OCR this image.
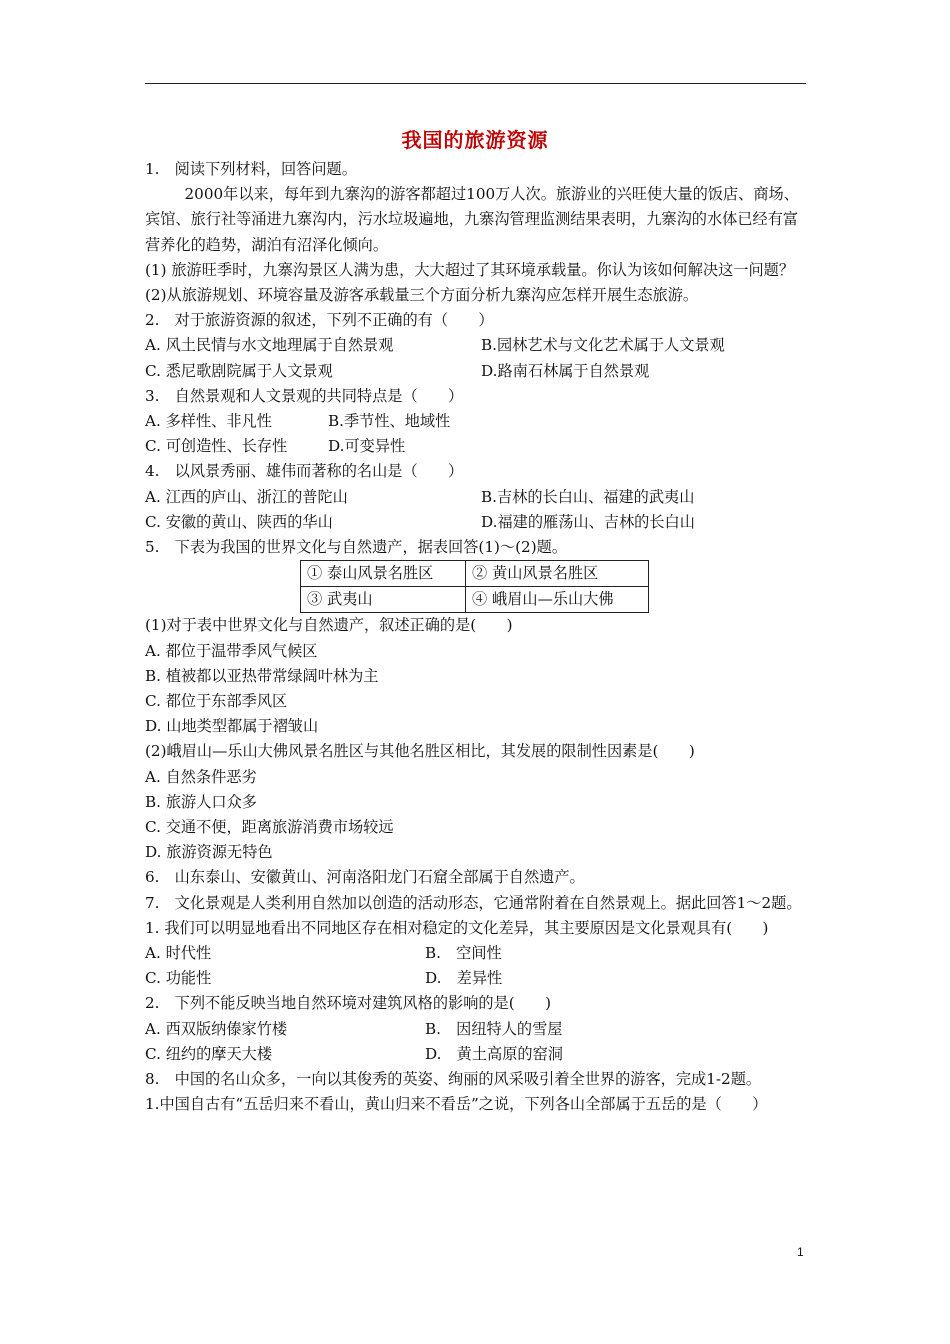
我国的旅游资源
1.　阅读下列材料，回答问题。
2000年以来，每年到九寨沟的游客都超过100万人次。旅游业的兴旺使大量的饭店、商场、宾馆、旅行社等涌进九寨沟内，污水垃圾遍地，九寨沟管理监测结果表明，九寨沟的水体已经有富营养化的趋势，湖泊有沼泽化倾向。
(1) 旅游旺季时，九寨沟景区人满为患，大大超过了其环境承载量。你认为该如何解决这一问题？
(2)从旅游规划、环境容量及游客承载量三个方面分析九寨沟应怎样开展生态旅游。
2.　对于旅游资源的叙述，下列不正确的有（　　）
A. 风土民情与水文地理属于自然景观	B.园林艺术与文化艺术属于人文景观
C. 悉尼歌剧院属于人文景观	D.路南石林属于自然景观
3.　自然景观和人文景观的共同特点是（　　）
A. 多样性、非凡性	B.季节性、地域性
C. 可创造性、长存性	D.可变异性
4.　以风景秀丽、雄伟而著称的名山是（　　）
A. 江西的庐山、浙江的普陀山	B.吉林的长白山、福建的武夷山
C. 安徽的黄山、陕西的华山	D.福建的雁荡山、吉林的长白山
5.　下表为我国的世界文化与自然遗产，据表回答(1)～(2)题。
① 泰山风景名胜区	② 黄山风景名胜区
③ 武夷山	④ 峨眉山—乐山大佛
(1)对于表中世界文化与自然遗产，叙述正确的是(　　)
A. 都位于温带季风气候区
B. 植被都以亚热带常绿阔叶林为主
C. 都位于东部季风区
D. 山地类型都属于褶皱山
(2)峨眉山—乐山大佛风景名胜区与其他名胜区相比，其发展的限制性因素是(　　)
A. 自然条件恶劣
B. 旅游人口众多
C. 交通不便，距离旅游消费市场较远
D. 旅游资源无特色
6.　山东泰山、安徽黄山、河南洛阳龙门石窟全部属于自然遗产。
7.　文化景观是人类利用自然加以创造的活动形态，它通常附着在自然景观上。据此回答1～2题。
1. 我们可以明显地看出不同地区存在相对稳定的文化差异，其主要原因是文化景观具有(　　)
A. 时代性	B.　空间性
C. 功能性	D.　差异性
2.　下列不能反映当地自然环境对建筑风格的影响的是(　　)
A. 西双版纳傣家竹楼	B.　因纽特人的雪屋
C. 纽约的摩天大楼	D.　黄土高原的窑洞
8.　中国的名山众多，一向以其俊秀的英姿、绚丽的风采吸引着全世界的游客，完成1-2题。
1.中国自古有“五岳归来不看山，黄山归来不看岳”之说，下列各山全部属于五岳的是（　　）
1
